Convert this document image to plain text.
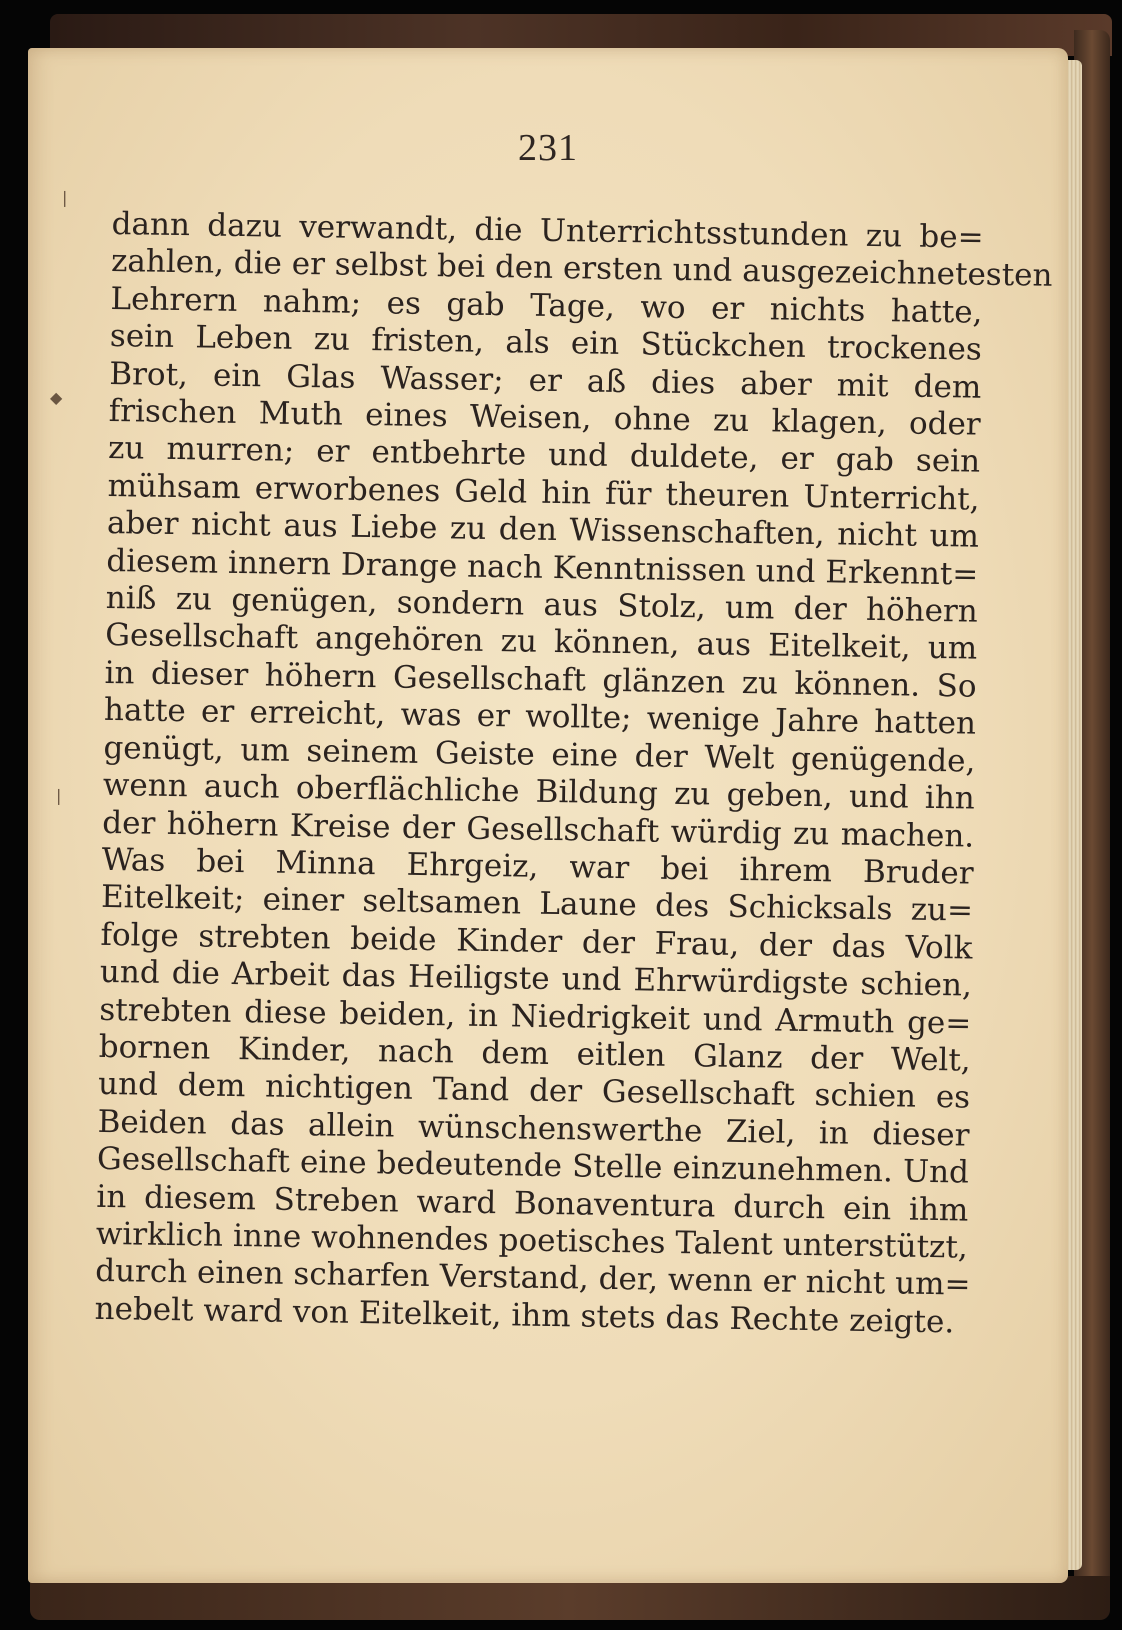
❘
◆
❘
231
dann dazu verwandt, die Unterrichtsstunden zu be=
zahlen, die er selbst bei den ersten und ausgezeichnetesten
Lehrern nahm; es gab Tage, wo er nichts hatte,
sein Leben zu fristen, als ein Stückchen trockenes
Brot, ein Glas Wasser; er aß dies aber mit dem
frischen Muth eines Weisen, ohne zu klagen, oder
zu murren; er entbehrte und duldete, er gab sein
mühsam erworbenes Geld hin für theuren Unterricht,
aber nicht aus Liebe zu den Wissenschaften, nicht um
diesem innern Drange nach Kenntnissen und Erkennt=
niß zu genügen, sondern aus Stolz, um der höhern
Gesellschaft angehören zu können, aus Eitelkeit, um
in dieser höhern Gesellschaft glänzen zu können. So
hatte er erreicht, was er wollte; wenige Jahre hatten
genügt, um seinem Geiste eine der Welt genügende,
wenn auch oberflächliche Bildung zu geben, und ihn
der höhern Kreise der Gesellschaft würdig zu machen.
Was bei Minna Ehrgeiz, war bei ihrem Bruder
Eitelkeit; einer seltsamen Laune des Schicksals zu=
folge strebten beide Kinder der Frau, der das Volk
und die Arbeit das Heiligste und Ehrwürdigste schien,
strebten diese beiden, in Niedrigkeit und Armuth ge=
bornen Kinder, nach dem eitlen Glanz der Welt,
und dem nichtigen Tand der Gesellschaft schien es
Beiden das allein wünschenswerthe Ziel, in dieser
Gesellschaft eine bedeutende Stelle einzunehmen. Und
in diesem Streben ward Bonaventura durch ein ihm
wirklich inne wohnendes poetisches Talent unterstützt,
durch einen scharfen Verstand, der, wenn er nicht um=
nebelt ward von Eitelkeit, ihm stets das Rechte zeigte.
